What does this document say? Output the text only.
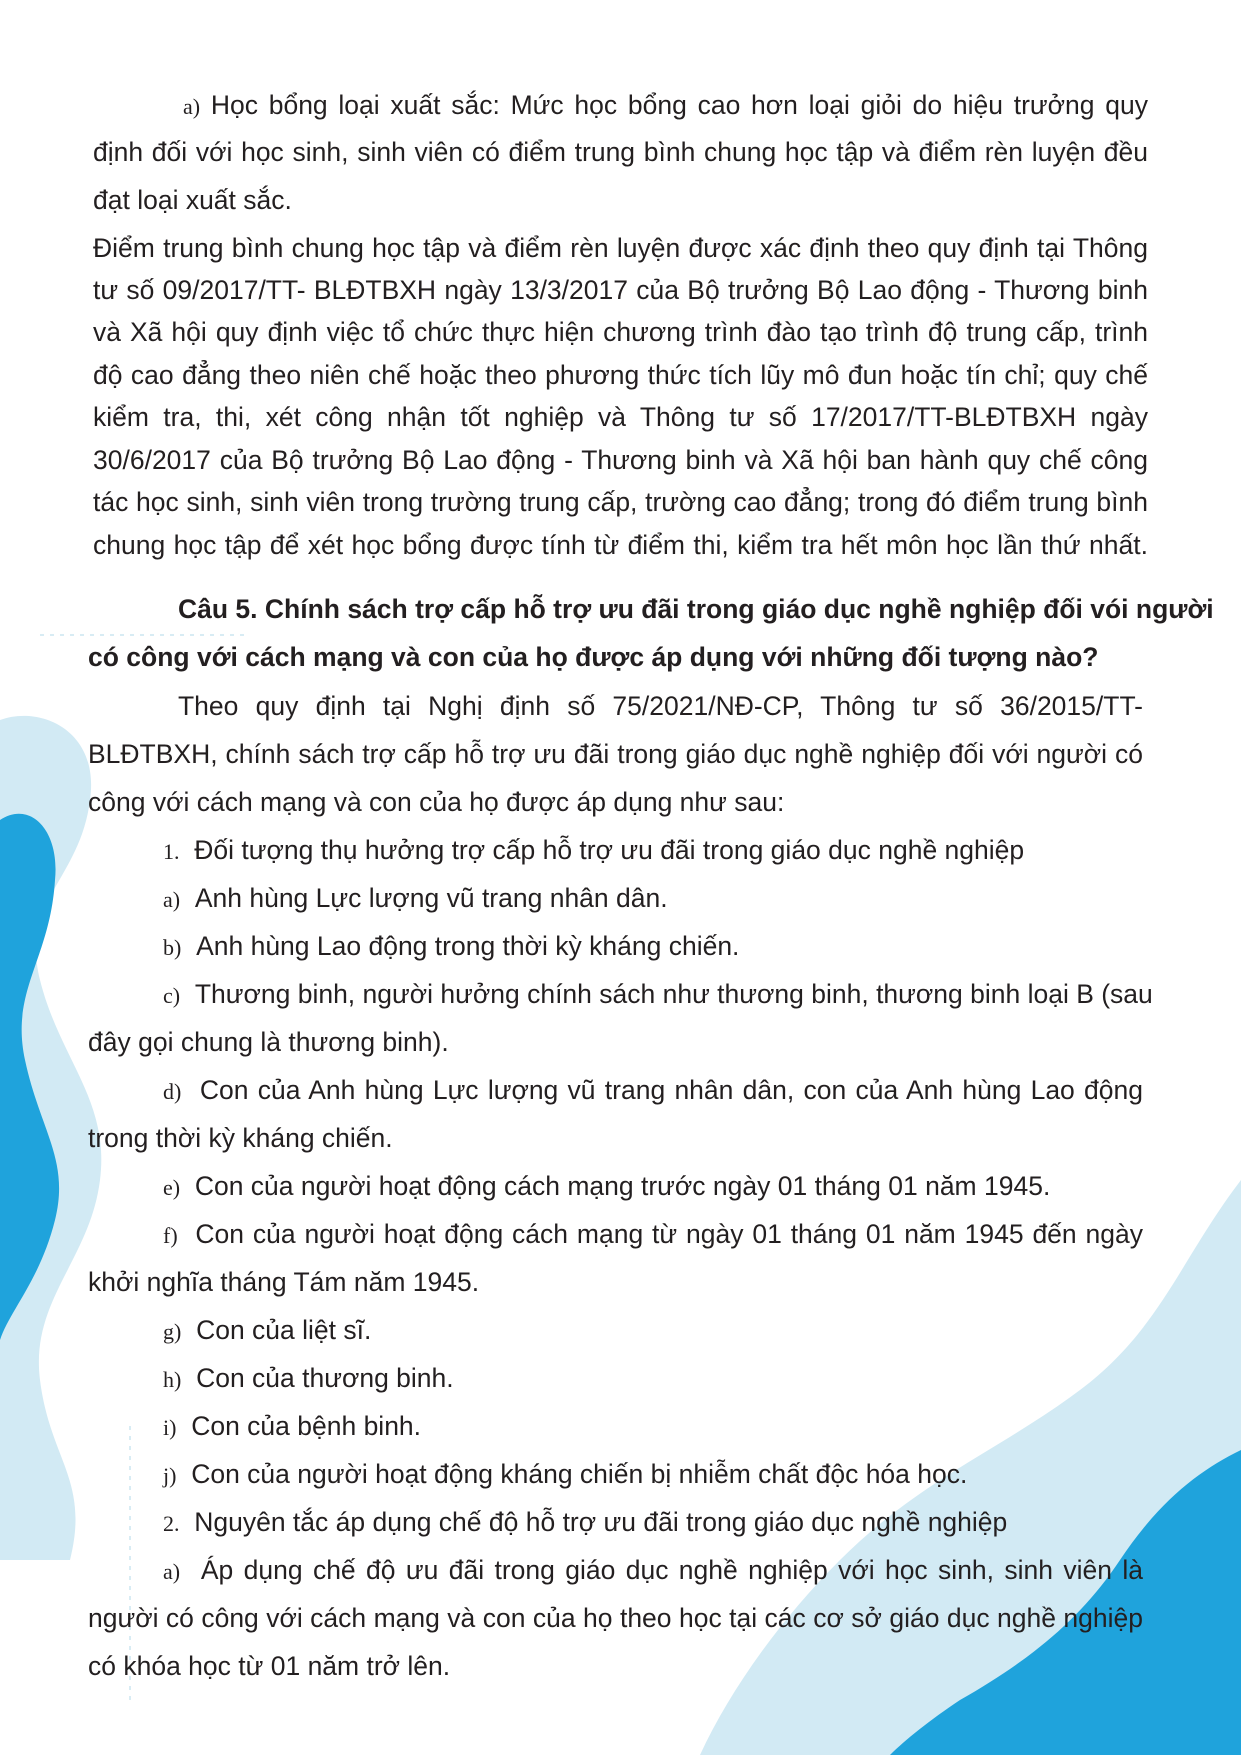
a) Học bổng loại xuất sắc: Mức học bổng cao hơn loại giỏi do hiệu trưởng quy
định đối với học sinh, sinh viên có điểm trung bình chung học tập và điểm rèn luyện đều
đạt loại xuất sắc.
Điểm trung bình chung học tập và điểm rèn luyện được xác định theo quy định tại Thông
tư số 09/2017/TT- BLĐTBXH ngày 13/3/2017 của Bộ trưởng Bộ Lao động - Thương binh
và Xã hội quy định việc tổ chức thực hiện chương trình đào tạo trình độ trung cấp, trình
độ cao đẳng theo niên chế hoặc theo phương thức tích lũy mô đun hoặc tín chỉ; quy chế
kiểm tra, thi, xét công nhận tốt nghiệp và Thông tư số 17/2017/TT-BLĐTBXH ngày
30/6/2017 của Bộ trưởng Bộ Lao động - Thương binh và Xã hội ban hành quy chế công
tác học sinh, sinh viên trong trường trung cấp, trường cao đẳng; trong đó điểm trung bình
chung học tập để xét học bổng được tính từ điểm thi, kiểm tra hết môn học lần thứ nhất.
Câu 5. Chính sách trợ cấp hỗ trợ ưu đãi trong giáo dục nghề nghiệp đối vói người
có công với cách mạng và con của họ được áp dụng với những đối tượng nào?
Theo quy định tại Nghị định số 75/2021/NĐ-CP, Thông tư số 36/2015/TT-
BLĐTBXH, chính sách trợ cấp hỗ trợ ưu đãi trong giáo dục nghề nghiệp đối với người có
công với cách mạng và con của họ được áp dụng như sau:
1. Đối tượng thụ hưởng trợ cấp hỗ trợ ưu đãi trong giáo dục nghề nghiệp
a) Anh hùng Lực lượng vũ trang nhân dân.
b) Anh hùng Lao động trong thời kỳ kháng chiến.
c) Thương binh, người hưởng chính sách như thương binh, thương binh loại B (sau
đây gọi chung là thương binh).
d) Con của Anh hùng Lực lượng vũ trang nhân dân, con của Anh hùng Lao động
trong thời kỳ kháng chiến.
e) Con của người hoạt động cách mạng trước ngày 01 tháng 01 năm 1945.
f) Con của người hoạt động cách mạng từ ngày 01 tháng 01 năm 1945 đến ngày
khởi nghĩa tháng Tám năm 1945.
g) Con của liệt sĩ.
h) Con của thương binh.
i) Con của bệnh binh.
j) Con của người hoạt động kháng chiến bị nhiễm chất độc hóa học.
2. Nguyên tắc áp dụng chế độ hỗ trợ ưu đãi trong giáo dục nghề nghiệp
a) Áp dụng chế độ ưu đãi trong giáo dục nghề nghiệp với học sinh, sinh viên là
người có công với cách mạng và con của họ theo học tại các cơ sở giáo dục nghề nghiệp
có khóa học từ 01 năm trở lên.
